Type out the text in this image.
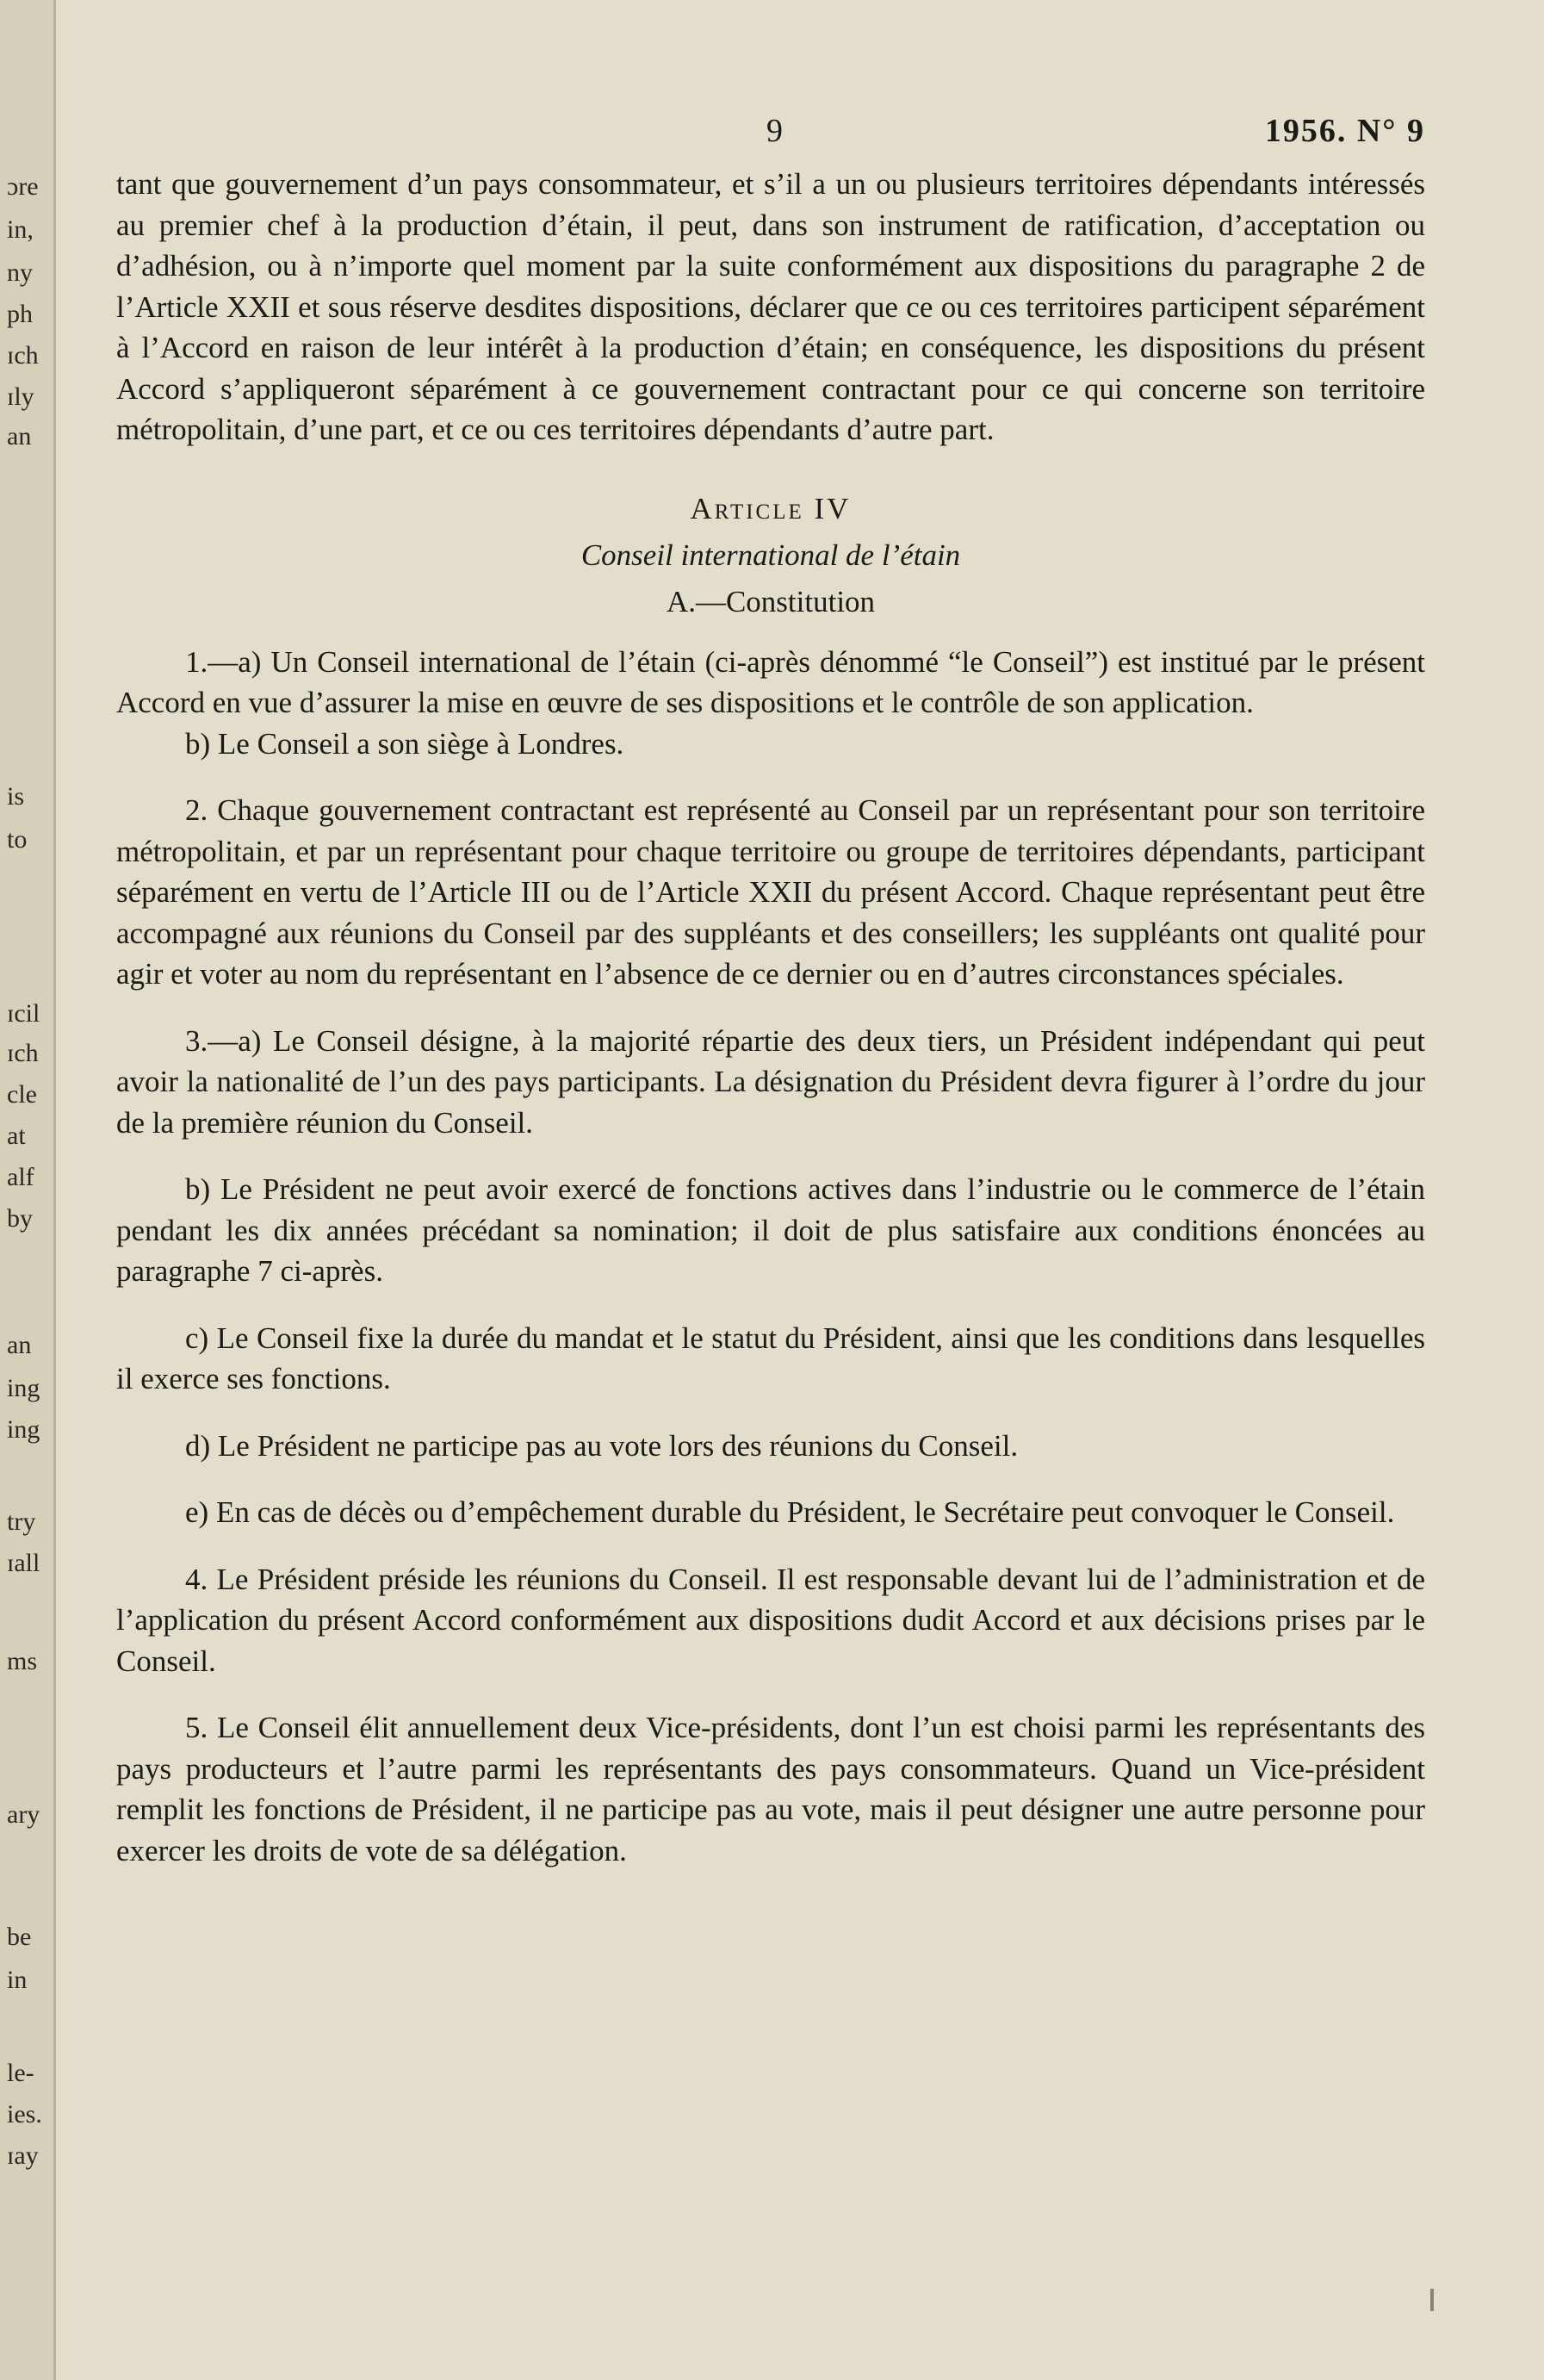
ɔre
in,
ny
ph
ɪch
ɪly
an
is
to
ɪcil
ɪch
cle
at
alf
by
an
ing
ing
try
ɪall
ms
ary
be
in
le-
ies.
ɪay
9	1956. N° 9

tant que gouvernement d’un pays consommateur, et s’il a un ou plusieurs territoires dépendants intéressés au premier chef à la production d’étain, il peut, dans son instrument de ratification, d’acceptation ou d’adhésion, ou à n’importe quel moment par la suite conformément aux dispositions du paragraphe 2 de l’Article XXII et sous réserve desdites dispositions, déclarer que ce ou ces territoires participent séparément à l’Accord en raison de leur intérêt à la production d’étain; en conséquence, les dispositions du présent Accord s’appliqueront séparément à ce gouvernement contractant pour ce qui concerne son territoire métropolitain, d’une part, et ce ou ces territoires dépendants d’autre part.

Article IV
Conseil international de l’étain
A.—Constitution

1.—a) Un Conseil international de l’étain (ci-après dénommé “le Conseil”) est institué par le présent Accord en vue d’assurer la mise en œuvre de ses dispositions et le contrôle de son application.

b) Le Conseil a son siège à Londres.

2. Chaque gouvernement contractant est représenté au Conseil par un représentant pour son territoire métropolitain, et par un représentant pour chaque territoire ou groupe de territoires dépendants, participant séparément en vertu de l’Article III ou de l’Article XXII du présent Accord. Chaque représentant peut être accompagné aux réunions du Conseil par des suppléants et des conseillers; les suppléants ont qualité pour agir et voter au nom du représentant en l’absence de ce dernier ou en d’autres circonstances spéciales.

3.—a) Le Conseil désigne, à la majorité répartie des deux tiers, un Président indépendant qui peut avoir la nationalité de l’un des pays participants. La désignation du Président devra figurer à l’ordre du jour de la première réunion du Conseil.

b) Le Président ne peut avoir exercé de fonctions actives dans l’industrie ou le commerce de l’étain pendant les dix années précédant sa nomination; il doit de plus satisfaire aux conditions énoncées au paragraphe 7 ci-après.

c) Le Conseil fixe la durée du mandat et le statut du Président, ainsi que les conditions dans lesquelles il exerce ses fonctions.

d) Le Président ne participe pas au vote lors des réunions du Conseil.

e) En cas de décès ou d’empêchement durable du Président, le Secrétaire peut convoquer le Conseil.

4. Le Président préside les réunions du Conseil. Il est responsable devant lui de l’administration et de l’application du présent Accord conformément aux dispositions dudit Accord et aux décisions prises par le Conseil.

5. Le Conseil élit annuellement deux Vice-présidents, dont l’un est choisi parmi les représentants des pays producteurs et l’autre parmi les représentants des pays consommateurs. Quand un Vice-président remplit les fonctions de Président, il ne participe pas au vote, mais il peut désigner une autre personne pour exercer les droits de vote de sa délégation.
